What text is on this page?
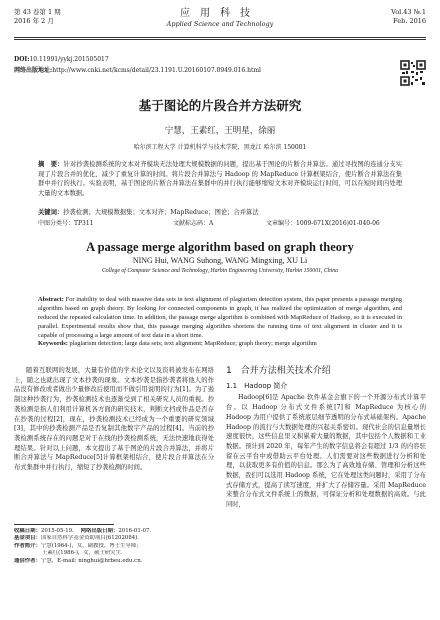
第 43 卷第 1 期
2016 年 2 月
应用科技
Applied Science and Technology
Vol.43 №.1
Feb. 2016
DOI:10.11991/yykj.201505017
网络出版地址:http://www.cnki.net/kcms/detail/23.1191.U.20160107.0949.016.html
基于图论的片段合并方法研究
宁慧，王素红，王明星，徐丽
哈尔滨工程大学 计算机科学与技术学院，黑龙江 哈尔滨 150001
摘　要：针对抄袭检测系统的文本对齐模块无法处理大规模数据的问题，提出基于图论的片断合并算法。通过寻找图的连通分支实现了片段合并的优化，减少了重复计算的时间。将片段合并算法与 Hadoop 的 MapReduce 计算框架结合，使片断合并算法在集群中并行的执行。实验表明，基于图论的片断合并算法在集群中的并行执行能够缩短文本对齐模块运行时间，可以在短时间内处理大量的文本数据。
关键词：抄袭检测；大规模数据集；文本对齐；MapReduce；图论；合并算法
中图分类号：TP311	文献标志码：A	文章编号：1009-671X(2016)01-040-06
A passage merge algorithm based on graph theory
NING Hui, WANG Suhong, WANG Mingxing, XU Li
College of Computer Science and Technology, Harbin Engineering University, Harbin 150001, China
Abstract: For inability to deal with massive data sets in text alignment of plagiarism detection system, this paper presents a passage merging algorithm based on graph theory. By looking for connected components in graph, it has realized the optimization of merge algorithm, and reduced the repeated calculation time. In addition, the passage merge algorithm is combined with MapReduce of Hadoop, so it is executed in parallel. Experimental results show that, this passage merging algorithm shortens the running time of text alignment in cluster and it is capable of processing a large amount of text data in a short time.
Keywords: plagiarism detection; large data sets; text alignment; MapReduce; graph theory; merge algorithm
随着互联网的发展，大量有价值的学术论文以及资料被发布在网络上，随之也就出现了文本抄袭的现象。文本抄袭是指抄袭者将他人的作品没有修改或者做出少量修改后使用而不做引用说明的行为[1]。为了遏制这种抄袭行为，抄袭检测技术也逐渐受到了相关研究人员的重视。抄袭检测是指人们利用计算机各方面的研究技术，判断文档或作品是否存在抄袭的过程[2]，现在，抄袭检测技术已经成为一个重要的研究领域[3]，其中的抄袭检测产品是否复制其他数字产品的过程[4]。当前的抄袭检测系统存在的问题是对于在线的抄袭检测系统，无法快速地获得处理结果。针对以上问题，本文提出了基于图论的片段合并算法，并将片断合并算法与 MapReduce[5]计算框架相结合，使片段合并算法在分布式集群中并行执行，缩短了抄袭检测的时间。
1　合并方法相关技术介绍
1.1　Hadoop 简介
Hadoop[6]是 Apache 软件基金会旗下的一个开源分布式计算平台。以 Hadoop 分布式文件系统[7]和 MapReduce 为核心的 Hadoop 为用户提供了系统底层细节透明的分布式基础架构。Apache Hadoop 的流行与大数据处理的兴起关系密切。现代社会的信息量增长速度很快，这些信息里又积累着大量的数据，其中包括个人数据和工业数据。预计到 2020 年，每年产生的数字信息将会有超过 1/3 的内容驻留在云平台中或借助云平台处理。人们需要对这些数据进行分析和处理，以获取更多有价值的信息。那么为了高效地存储、管理和分析这些数据，我们可以选用 Hadoop 系统，它在处理这类问题时，采用了分布式存储方式，提高了读写速度，并扩大了存储容量。采用 MapReduce 来整合分布式文件系统上的数据，可保证分析和处理数据的高效。与此同时，
收稿日期：2015-05-19. 网络出版日期：2016-01-07.
基金项目：国家自然科学基金资助项目(61202084).
作者简介：宁慧(1964-)，女，副教授，博士生导师；
王素红(1986-)，女，硕士研究生.
通信作者：宁慧，E-mail: ninghui@hrbeu.edu.cn.
